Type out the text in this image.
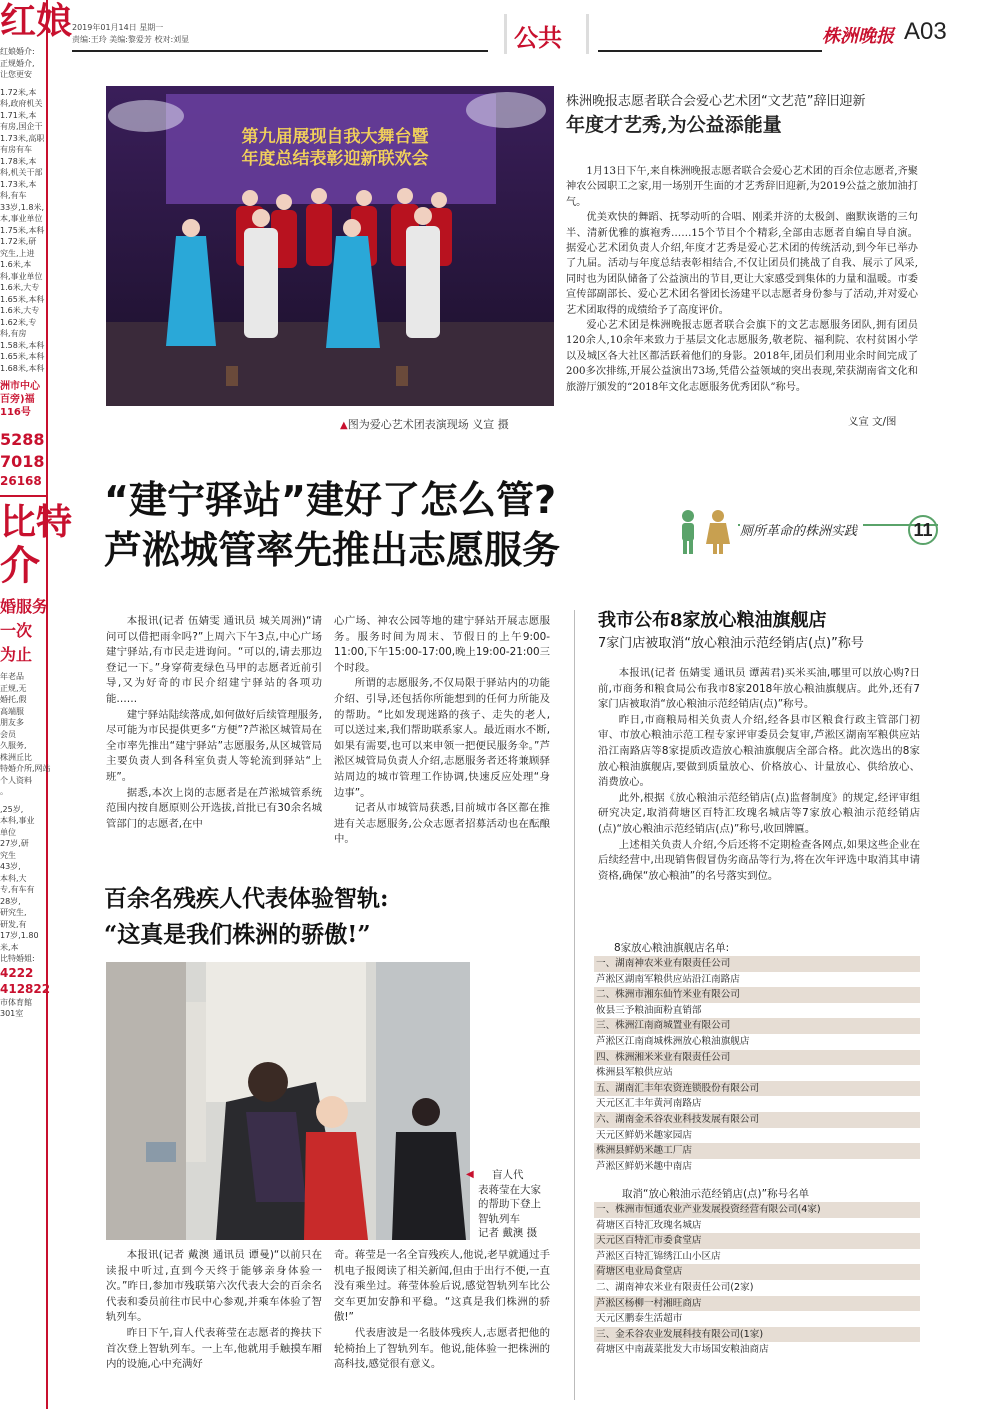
红娘
红娘婚介:
正规婚介,
让您更安
1.72米,本
科,政府机关
1.71米,本
有房,国企干
1.73米,高职
有房有车
1.78米,本
科,机关干部
1.73米,本
科,有车
33岁,1.8米,
本,事业单位
1.75米,本科
1.72米,研
究生,上进
1.6米,本
科,事业单位
1.6米,大专
1.65米,本科
1.6米,大专
1.62米,专
科,有房
1.58米,本科
1.65米,本科
1.68米,本科
洲市中心
百旁)福
116号
5288
7018
26168
比特
介
婚服务
一次
为止
年老品
正规,无
婚托,假
高端服
朋友多
会员
久服务,
株洲丘比
特婚介所,网站
个人资料
。
,25岁,
本科,事业
单位
27岁,研
究生
43岁,
本科,大
专,有车有
28岁,
研究生,
研发,有
17岁,1.80
米,本
比特婚姐:
4222
412822
市体育館
301室
2019年01月14日 星期一
责编:王玲 美编:黎爱芳 校对:刘显	公共	株洲晚报 A03
第九届展现自我大舞台暨
年度总结表彰迎新联欢会
▲图为爱心艺术团表演现场 义宣 摄
株洲晚报志愿者联合会爱心艺术团“文艺范”辞旧迎新
年度才艺秀,为公益添能量

1月13日下午,来自株洲晚报志愿者联合会爱心艺术团的百余位志愿者,齐聚神农公园职工之家,用一场别开生面的才艺秀辞旧迎新,为2019公益之旅加油打气。

优美欢快的舞蹈、抚琴动听的合唱、刚柔并济的太极剑、幽默诙谐的三句半、清新优雅的旗袍秀……15个节目个个精彩,全部由志愿者自编自导自演。据爱心艺术团负责人介绍,年度才艺秀是爱心艺术团的传统活动,到今年已举办了九届。活动与年度总结表彰相结合,不仅让团员们挑战了自我、展示了风采,同时也为团队储备了公益演出的节目,更让大家感受到集体的力量和温暖。市委宣传部副部长、爱心艺术团名誉团长汤建平以志愿者身份参与了活动,并对爱心艺术团取得的成绩给予了高度评价。

爱心艺术团是株洲晚报志愿者联合会旗下的文艺志愿服务团队,拥有团员120余人,10余年来致力于基层文化志愿服务,敬老院、福利院、农村贫困小学以及城区各大社区都活跃着他们的身影。2018年,团员们利用业余时间完成了200多次排练,开展公益演出73场,凭借公益领域的突出表现,荣获湖南省文化和旅游厅颁发的“2018年文化志愿服务优秀团队”称号。

义宣 文/图
“建宁驿站”建好了怎么管?
芦淞城管率先推出志愿服务	厕所革命的株洲实践	11

本报讯(记者 伍婧雯 通讯员 城关周洲)“请问可以借把雨伞吗?”上周六下午3点,中心广场建宁驿站,有市民走进询问。“可以的,请去那边登记一下。”身穿荷麦绿色马甲的志愿者近前引导,又为好奇的市民介绍建宁驿站的各项功能……

建宁驿站陆续落成,如何做好后续管理服务,尽可能为市民提供更多“方便”?芦淞区城管局在全市率先推出“建宁驿站”志愿服务,从区城管局主要负责人到各科室负责人等轮流到驿站“上班”。

据悉,本次上岗的志愿者是在芦淞城管系统范围内按自愿原则公开选拔,首批已有30余名城管部门的志愿者,在中

心广场、神农公园等地的建宁驿站开展志愿服务。服务时间为周末、节假日的上午9:00-11:00,下午15:00-17:00,晚上19:00-21:00三个时段。

所谓的志愿服务,不仅局限于驿站内的功能介绍、引导,还包括你所能想到的任何力所能及的帮助。“比如发现迷路的孩子、走失的老人,可以送过来,我们帮助联系家人。最近雨水不断,如果有需要,也可以来申领一把便民服务伞。”芦淞区城管局负责人介绍,志愿服务者还将兼顾驿站周边的城市管理工作协调,快速反应处理“身边事”。

记者从市城管局获悉,目前城市各区都在推进有关志愿服务,公众志愿者招募活动也在酝酿中。

百余名残疾人代表体验智轨:
“这真是我们株洲的骄傲!”
◀ 盲人代
表蒋莹在大家
的帮助下登上
智轨列车
记者 戴澳 摄

本报讯(记者 戴澳 通讯员 谭曼)“以前只在读报中听过,直到今天终于能够亲身体验一次。”昨日,参加市残联第六次代表大会的百余名代表和委员前往市民中心参观,并乘车体验了智轨列车。

昨日下午,盲人代表蒋莹在志愿者的搀扶下首次登上智轨列车。一上车,他就用手触摸车厢内的设施,心中充满好

奇。蒋莹是一名全盲残疾人,他说,老早就通过手机电子报阅读了相关新闻,但由于出行不便,一直没有乘坐过。蒋莹体验后说,感觉智轨列车比公交车更加安静和平稳。“这真是我们株洲的骄傲!”

代表唐波是一名肢体残疾人,志愿者把他的轮椅抬上了智轨列车。他说,能体验一把株洲的高科技,感觉很有意义。

我市公布8家放心粮油旗舰店
7家门店被取消“放心粮油示范经销店(点)”称号

本报讯(记者 伍婧雯 通讯员 谭茜君)买米买油,哪里可以放心购?日前,市商务和粮食局公布我市8家2018年放心粮油旗舰店。此外,还有7家门店被取消“放心粮油示范经销店(点)”称号。

昨日,市商粮局相关负责人介绍,经各县市区粮食行政主管部门初审、市放心粮油示范工程专家评审委员会复审,芦淞区湖南军粮供应站沿江南路店等8家提质改造放心粮油旗舰店全部合格。此次选出的8家放心粮油旗舰店,要做到质量放心、价格放心、计量放心、供给放心、消费放心。

此外,根据《放心粮油示范经销店(点)监督制度》的规定,经评审组研究决定,取消荷塘区百特汇玫瑰名城店等7家放心粮油示范经销店(点)“放心粮油示范经销店(点)”称号,收回牌匾。

上述相关负责人介绍,今后还将不定期检查各网点,如果这些企业在后续经营中,出现销售假冒伪劣商品等行为,将在次年评选中取消其申请资格,确保“放心粮油”的名号落实到位。

8家放心粮油旗舰店名单:
一、湖南神农米业有限责任公司
芦淞区湖南军粮供应站沿江南路店
二、株洲市湘东仙竹米业有限公司
攸县三予粮油面粉直销部
三、株洲江南商城置业有限公司
芦淞区江南商城株洲放心粮油旗舰店
四、株洲湘米米业有限责任公司
株洲县军粮供应站
五、湖南汇丰年农资连锁股份有限公司
天元区汇丰年黄河南路店
六、湖南金禾谷农业科技发展有限公司
天元区鲜奶米趣家园店
株洲县鲜奶米趣工厂店
芦淞区鲜奶米趣中南店
取消“放心粮油示范经销店(点)”称号名单
一、株洲市恒通农业产业发展投资经营有限公司(4家)
荷塘区百特汇玫瑰名城店
天元区百特汇市委食堂店
芦淞区百特汇锦绣江山小区店
荷塘区电业局食堂店
二、湖南神农米业有限责任公司(2家)
芦淞区杨柳一村湘旺商店
天元区鹏泰生活超市
三、金禾谷农业发展科技有限公司(1家)
荷塘区中南蔬菜批发大市场国安粮油商店
